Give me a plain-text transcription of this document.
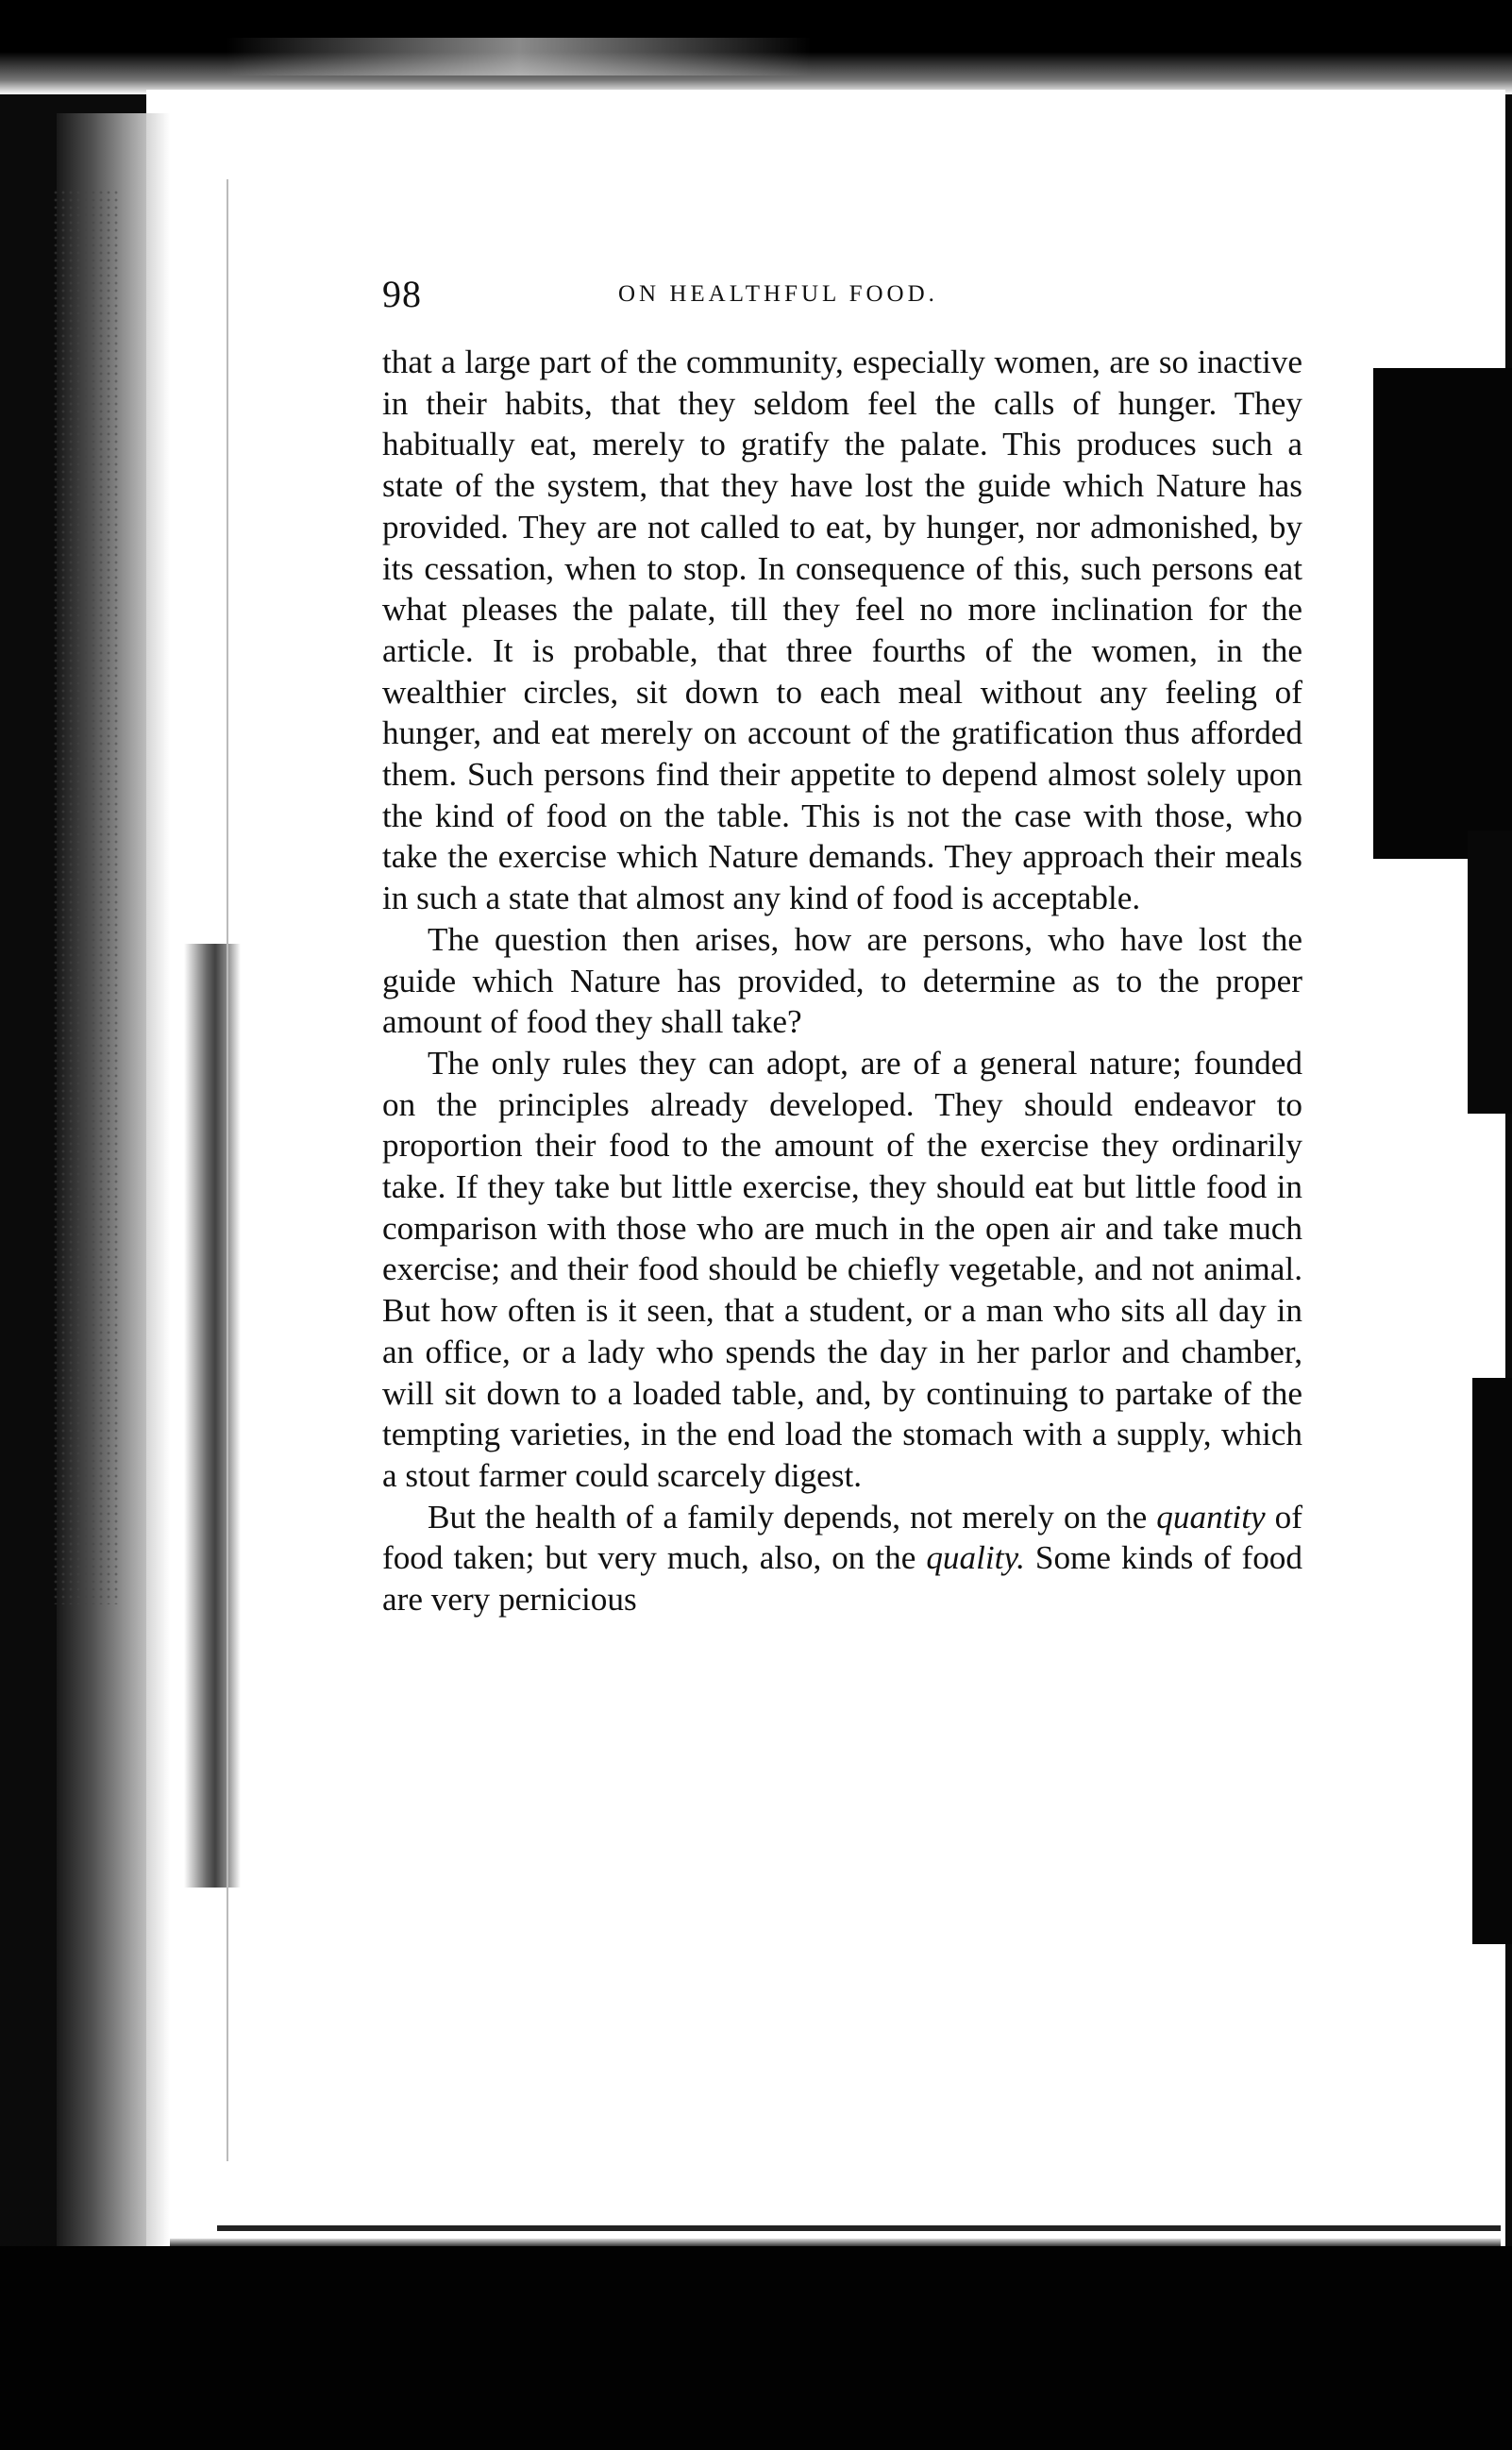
98	ON HEALTHFUL FOOD.

that a large part of the community, especially women, are so inactive in their habits, that they seldom feel the calls of hunger. They habitually eat, merely to gratify the palate. This produces such a state of the system, that they have lost the guide which Nature has provided. They are not called to eat, by hunger, nor admonished, by its cessation, when to stop. In consequence of this, such persons eat what pleases the palate, till they feel no more inclination for the article. It is probable, that three fourths of the women, in the wealthier circles, sit down to each meal without any feeling of hunger, and eat merely on account of the gratification thus afforded them. Such persons find their appetite to depend almost solely upon the kind of food on the table. This is not the case with those, who take the exercise which Nature demands. They approach their meals in such a state that almost any kind of food is acceptable.

The question then arises, how are persons, who have lost the guide which Nature has provided, to determine as to the proper amount of food they shall take?

The only rules they can adopt, are of a general nature; founded on the principles already developed. They should endeavor to proportion their food to the amount of the exercise they ordinarily take. If they take but little exercise, they should eat but little food in comparison with those who are much in the open air and take much exercise; and their food should be chiefly vegetable, and not animal. But how often is it seen, that a student, or a man who sits all day in an office, or a lady who spends the day in her parlor and chamber, will sit down to a loaded table, and, by continuing to partake of the tempting varieties, in the end load the stomach with a supply, which a stout farmer could scarcely digest.

But the health of a family depends, not merely on the quantity of food taken; but very much, also, on the quality. Some kinds of food are very pernicious
